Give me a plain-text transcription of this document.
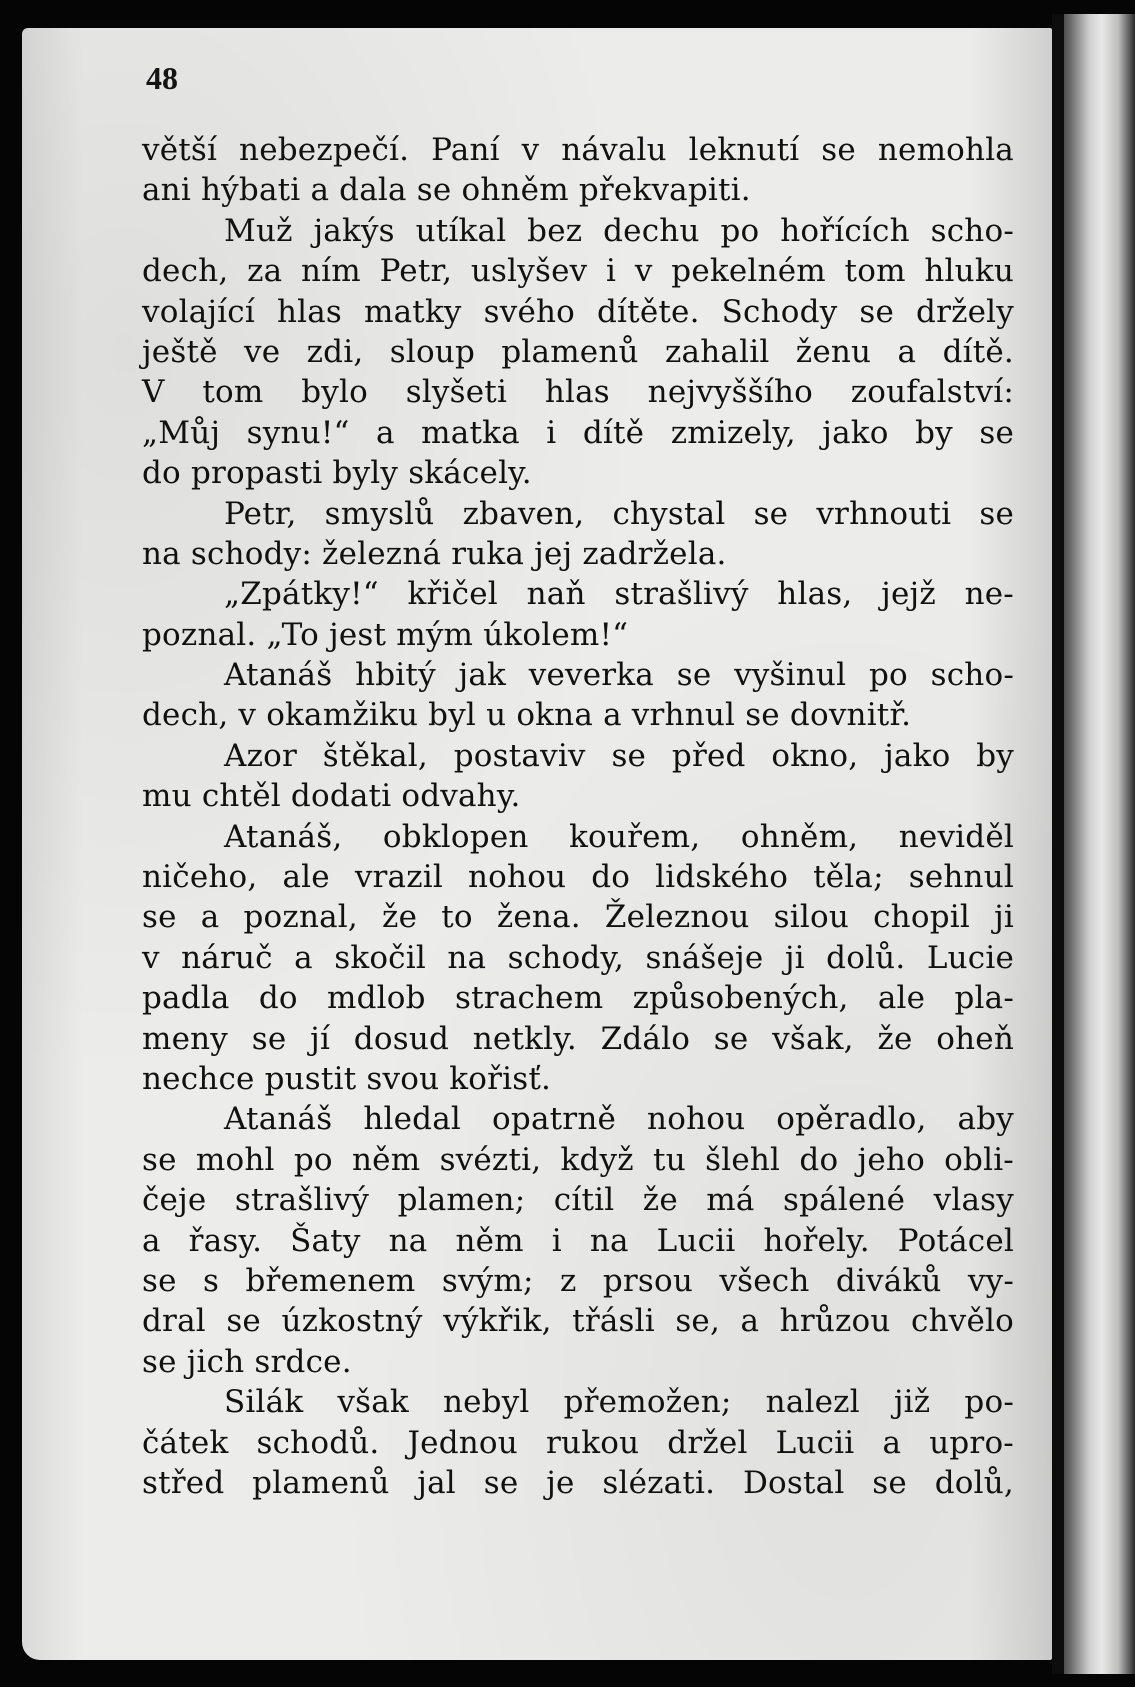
48

větší nebezpečí. Paní v návalu leknutí se nemohla
ani hýbati a dala se ohněm překvapiti.
Muž jakýs utíkal bez dechu po hořících scho-
dech, za ním Petr, uslyšev i v pekelném tom hluku
volající hlas matky svého dítěte. Schody se držely
ještě ve zdi, sloup plamenů zahalil ženu a dítě.
V tom bylo slyšeti hlas nejvyššího zoufalství:
„Můj synu!“ a matka i dítě zmizely, jako by se
do propasti byly skácely.
Petr, smyslů zbaven, chystal se vrhnouti se
na schody: železná ruka jej zadržela.
„Zpátky!“ křičel naň strašlivý hlas, jejž ne-
poznal. „To jest mým úkolem!“
Atanáš hbitý jak veverka se vyšinul po scho-
dech, v okamžiku byl u okna a vrhnul se dovnitř.
Azor štěkal, postaviv se před okno, jako by
mu chtěl dodati odvahy.
Atanáš, obklopen kouřem, ohněm, neviděl
ničeho, ale vrazil nohou do lidského těla; sehnul
se a poznal, že to žena. Železnou silou chopil ji
v náruč a skočil na schody, snášeje ji dolů. Lucie
padla do mdlob strachem způsobených, ale pla-
meny se jí dosud netkly. Zdálo se však, že oheň
nechce pustit svou kořisť.
Atanáš hledal opatrně nohou opěradlo, aby
se mohl po něm svézti, když tu šlehl do jeho obli-
čeje strašlivý plamen; cítil že má spálené vlasy
a řasy. Šaty na něm i na Lucii hořely. Potácel
se s břemenem svým; z prsou všech diváků vy-
dral se úzkostný výkřik, třásli se, a hrůzou chvělo
se jich srdce.
Silák však nebyl přemožen; nalezl již po-
čátek schodů. Jednou rukou držel Lucii a upro-
střed plamenů jal se je slézati. Dostal se dolů,
